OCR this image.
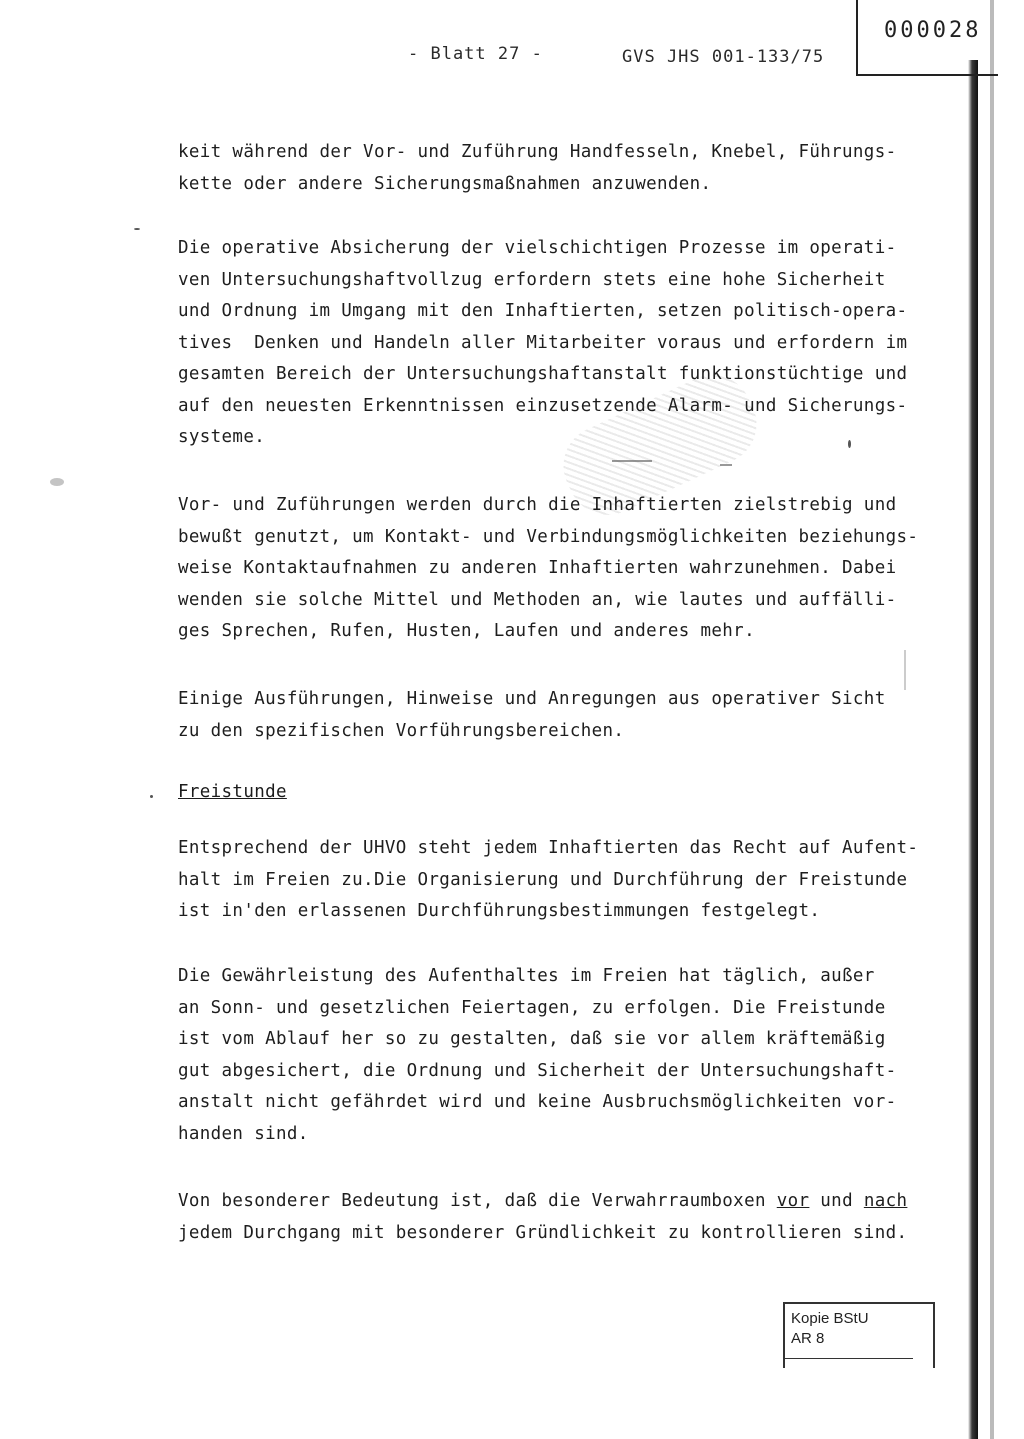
- Blatt 27 -	GVS JHS 001-133/75
000028
keit während der Vor- und Zuführung Handfesseln, Knebel, Führungs-
kette oder andere Sicherungsmaßnahmen anzuwenden.
Die operative Absicherung der vielschichtigen Prozesse im operati-
ven Untersuchungshaftvollzug erfordern stets eine hohe Sicherheit
und Ordnung im Umgang mit den Inhaftierten, setzen politisch-opera-
tives  Denken und Handeln aller Mitarbeiter voraus und erfordern im
gesamten Bereich der Untersuchungshaftanstalt funktionstüchtige und
auf den neuesten Erkenntnissen einzusetzende Alarm- und Sicherungs-
systeme.
Vor- und Zuführungen werden durch die Inhaftierten zielstrebig und
bewußt genutzt, um Kontakt- und Verbindungsmöglichkeiten beziehungs-
weise Kontaktaufnahmen zu anderen Inhaftierten wahrzunehmen. Dabei
wenden sie solche Mittel und Methoden an, wie lautes und auffälli-
ges Sprechen, Rufen, Husten, Laufen und anderes mehr.
Einige Ausführungen, Hinweise und Anregungen aus operativer Sicht
zu den spezifischen Vorführungsbereichen.
Freistunde
Entsprechend der UHVO steht jedem Inhaftierten das Recht auf Aufent-
halt im Freien zu.Die Organisierung und Durchführung der Freistunde
ist in'den erlassenen Durchführungsbestimmungen festgelegt.
Die Gewährleistung des Aufenthaltes im Freien hat täglich, außer
an Sonn- und gesetzlichen Feiertagen, zu erfolgen. Die Freistunde
ist vom Ablauf her so zu gestalten, daß sie vor allem kräftemäßig
gut abgesichert, die Ordnung und Sicherheit der Untersuchungshaft-
anstalt nicht gefährdet wird und keine Ausbruchsmöglichkeiten vor-
handen sind.
Von besonderer Bedeutung ist, daß die Verwahrraumboxen vor und nach
jedem Durchgang mit besonderer Gründlichkeit zu kontrollieren sind.
Kopie BStU
AR 8
